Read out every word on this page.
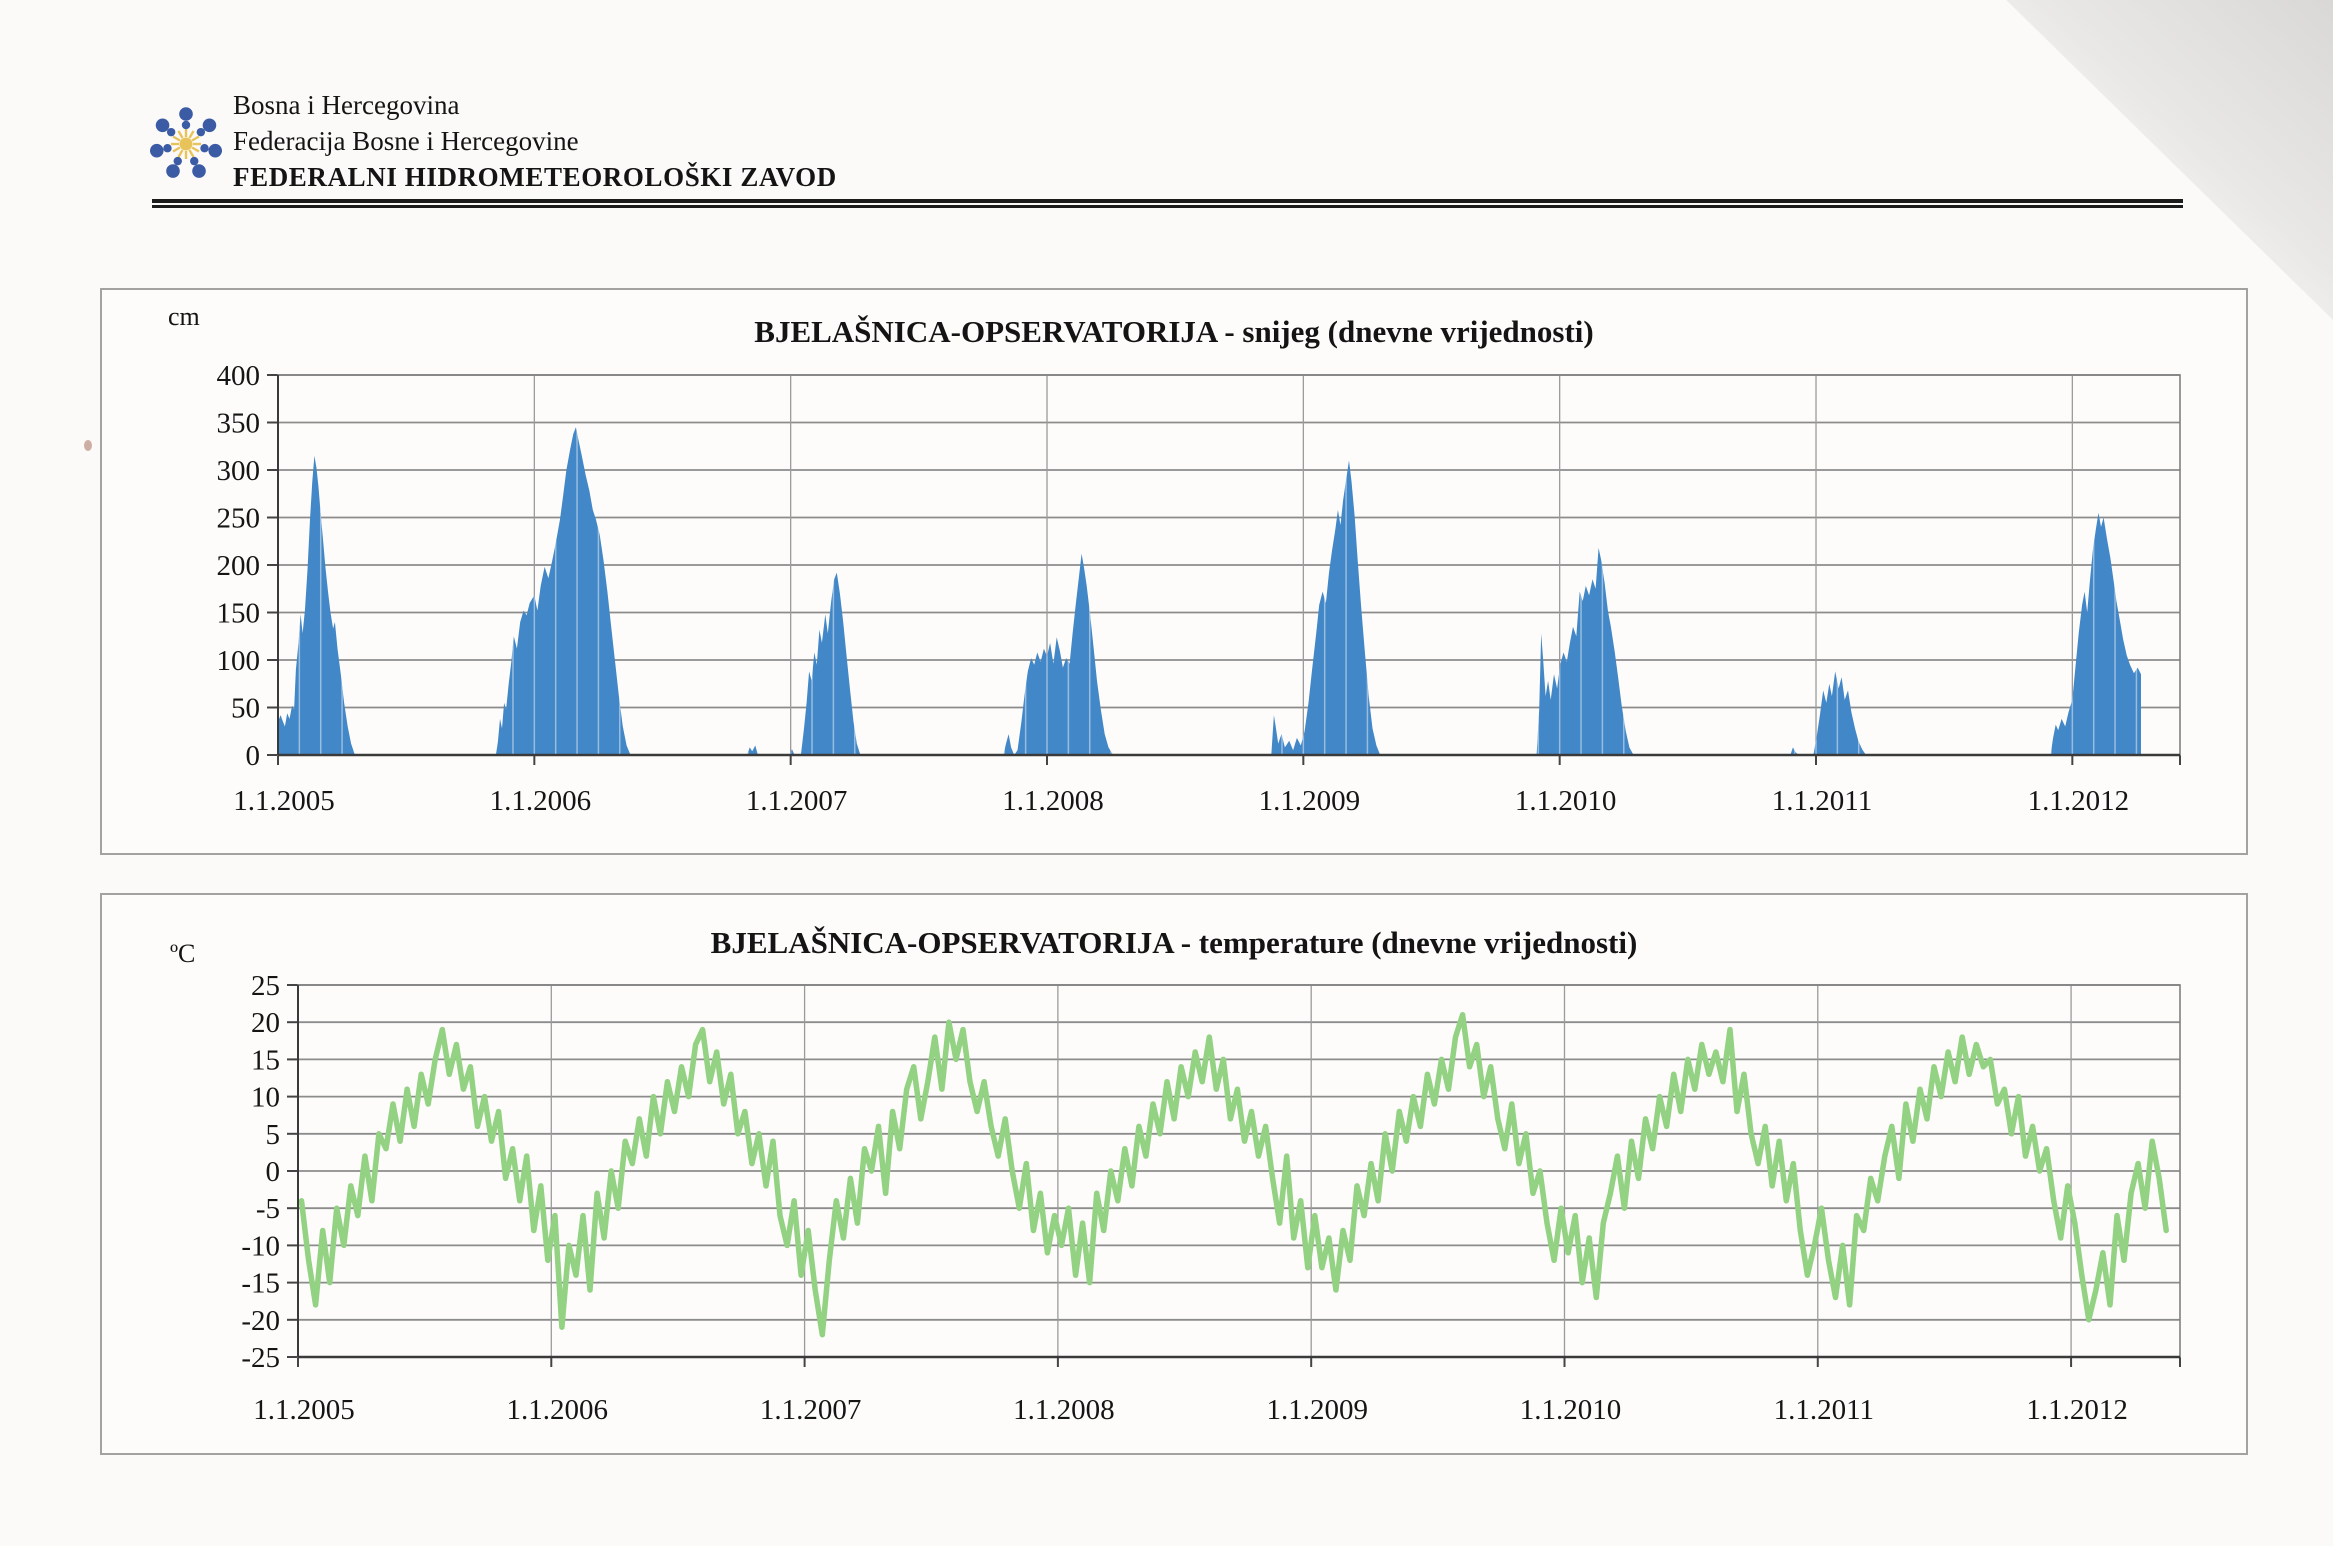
Bosna i Hercegovina
Federacija Bosne i Hercegovine
FEDERALNI HIDROMETEOROLOŠKI ZAVOD
cm	BJELAŠNICA-OPSERVATORIJA - snijeg (dnevne vrijednosti)
0
50
100
150
200
250
300
350
400
1.1.2005	1.1.2006	1.1.2007	1.1.2008	1.1.2009	1.1.2010	1.1.2011	1.1.2012
ºC	BJELAŠNICA-OPSERVATORIJA - temperature (dnevne vrijednosti)
-25
-20
-15
-10
-5
0
5
10
15
20
25
1.1.2005	1.1.2006	1.1.2007	1.1.2008	1.1.2009	1.1.2010	1.1.2011	1.1.2012
